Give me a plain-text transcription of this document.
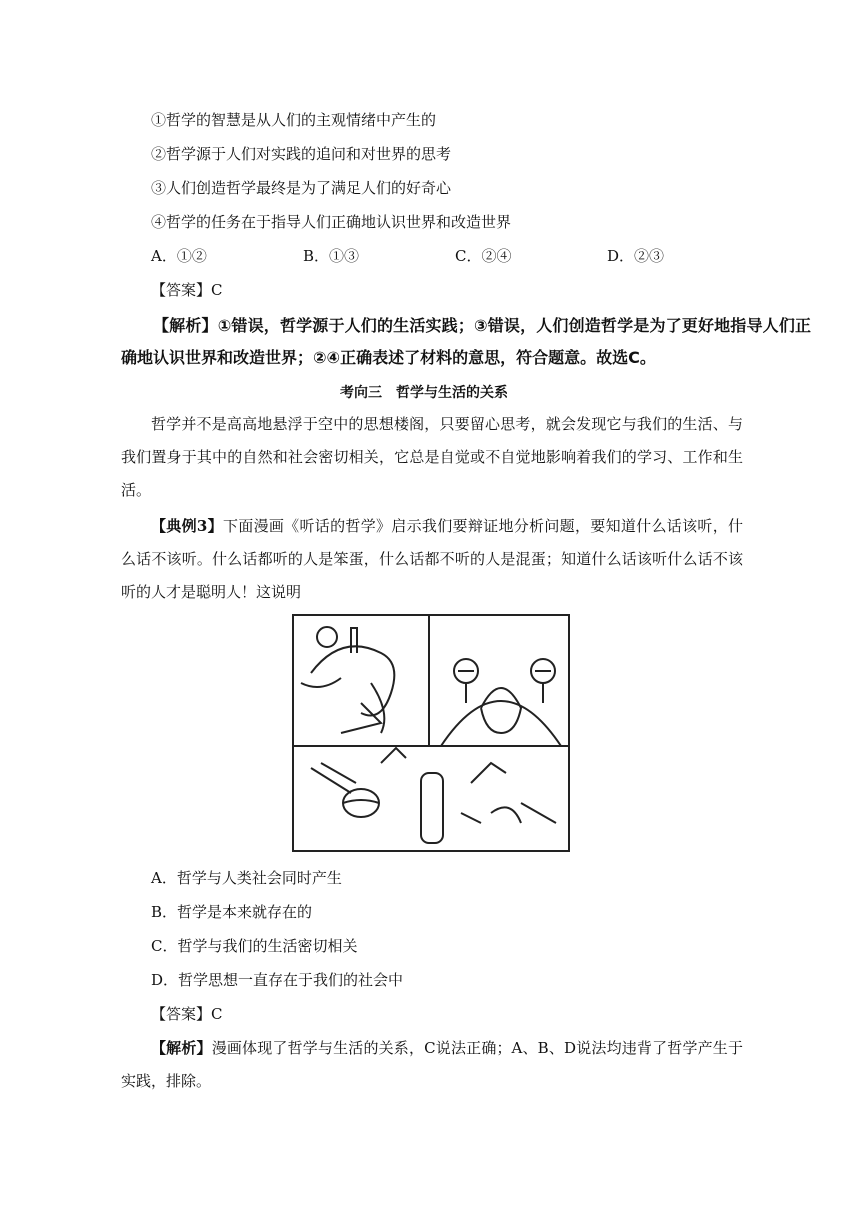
①哲学的智慧是从人们的主观情绪中产生的
②哲学源于人们对实践的追问和对世界的思考
③人们创造哲学最终是为了满足人们的好奇心
④哲学的任务在于指导人们正确地认识世界和改造世界
A．①②	B．①③	C．②④	D．②③
【答案】C
【解析】①错误，哲学源于人们的生活实践；③错误，人们创造哲学是为了更好地指导人们正确地认识世界和改造世界；②④正确表述了材料的意思，符合题意。故选C。
考向三　哲学与生活的关系
哲学并不是高高地悬浮于空中的思想楼阁，只要留心思考，就会发现它与我们的生活、与我们置身于其中的自然和社会密切相关，它总是自觉或不自觉地影响着我们的学习、工作和生活。
【典例3】下面漫画《听话的哲学》启示我们要辩证地分析问题，要知道什么话该听，什么话不该听。什么话都听的人是笨蛋，什么话都不听的人是混蛋；知道什么话该听什么话不该听的人才是聪明人！这说明
A．哲学与人类社会同时产生
B．哲学是本来就存在的
C．哲学与我们的生活密切相关
D．哲学思想一直存在于我们的社会中
【答案】C
【解析】漫画体现了哲学与生活的关系，C说法正确；A、B、D说法均违背了哲学产生于实践，排除。
